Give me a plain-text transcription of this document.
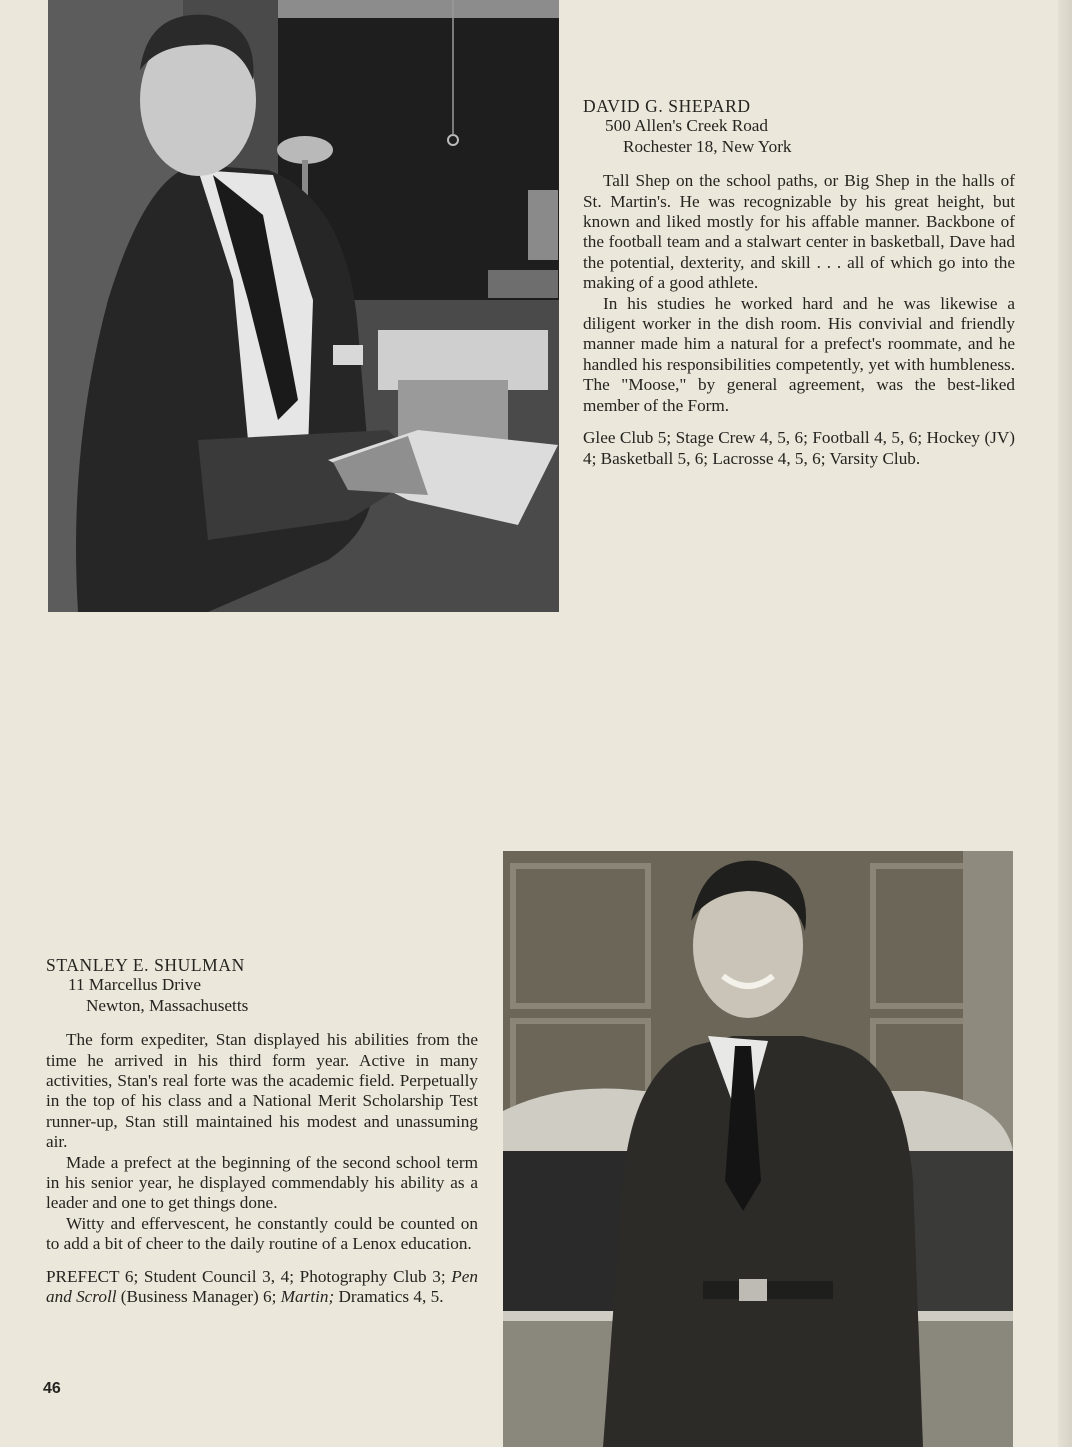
DAVID G. SHEPARD
500 Allen's Creek Road
Rochester 18, New York

Tall Shep on the school paths, or Big Shep in the halls of St. Martin's. He was recognizable by his great height, but known and liked mostly for his affable manner. Backbone of the football team and a stalwart center in basketball, Dave had the potential, dexterity, and skill . . . all of which go into the making of a good athlete.

In his studies he worked hard and he was likewise a diligent worker in the dish room. His convivial and friendly manner made him a natural for a prefect's roommate, and he handled his responsibilities competently, yet with humbleness. The "Moose," by general agreement, was the best-liked member of the Form.

Glee Club 5; Stage Crew 4, 5, 6; Football 4, 5, 6; Hockey (JV) 4; Basketball 5, 6; Lacrosse 4, 5, 6; Varsity Club.
STANLEY E. SHULMAN
11 Marcellus Drive
Newton, Massachusetts

The form expediter, Stan displayed his abilities from the time he arrived in his third form year. Active in many activities, Stan's real forte was the academic field. Perpetually in the top of his class and a National Merit Scholarship Test runner-up, Stan still maintained his modest and unassuming air.

Made a prefect at the beginning of the second school term in his senior year, he displayed commendably his ability as a leader and one to get things done.

Witty and effervescent, he constantly could be counted on to add a bit of cheer to the daily routine of a Lenox education.

PREFECT 6; Student Council 3, 4; Photography Club 3; Pen and Scroll (Business Manager) 6; Martin; Dramatics 4, 5.
46
